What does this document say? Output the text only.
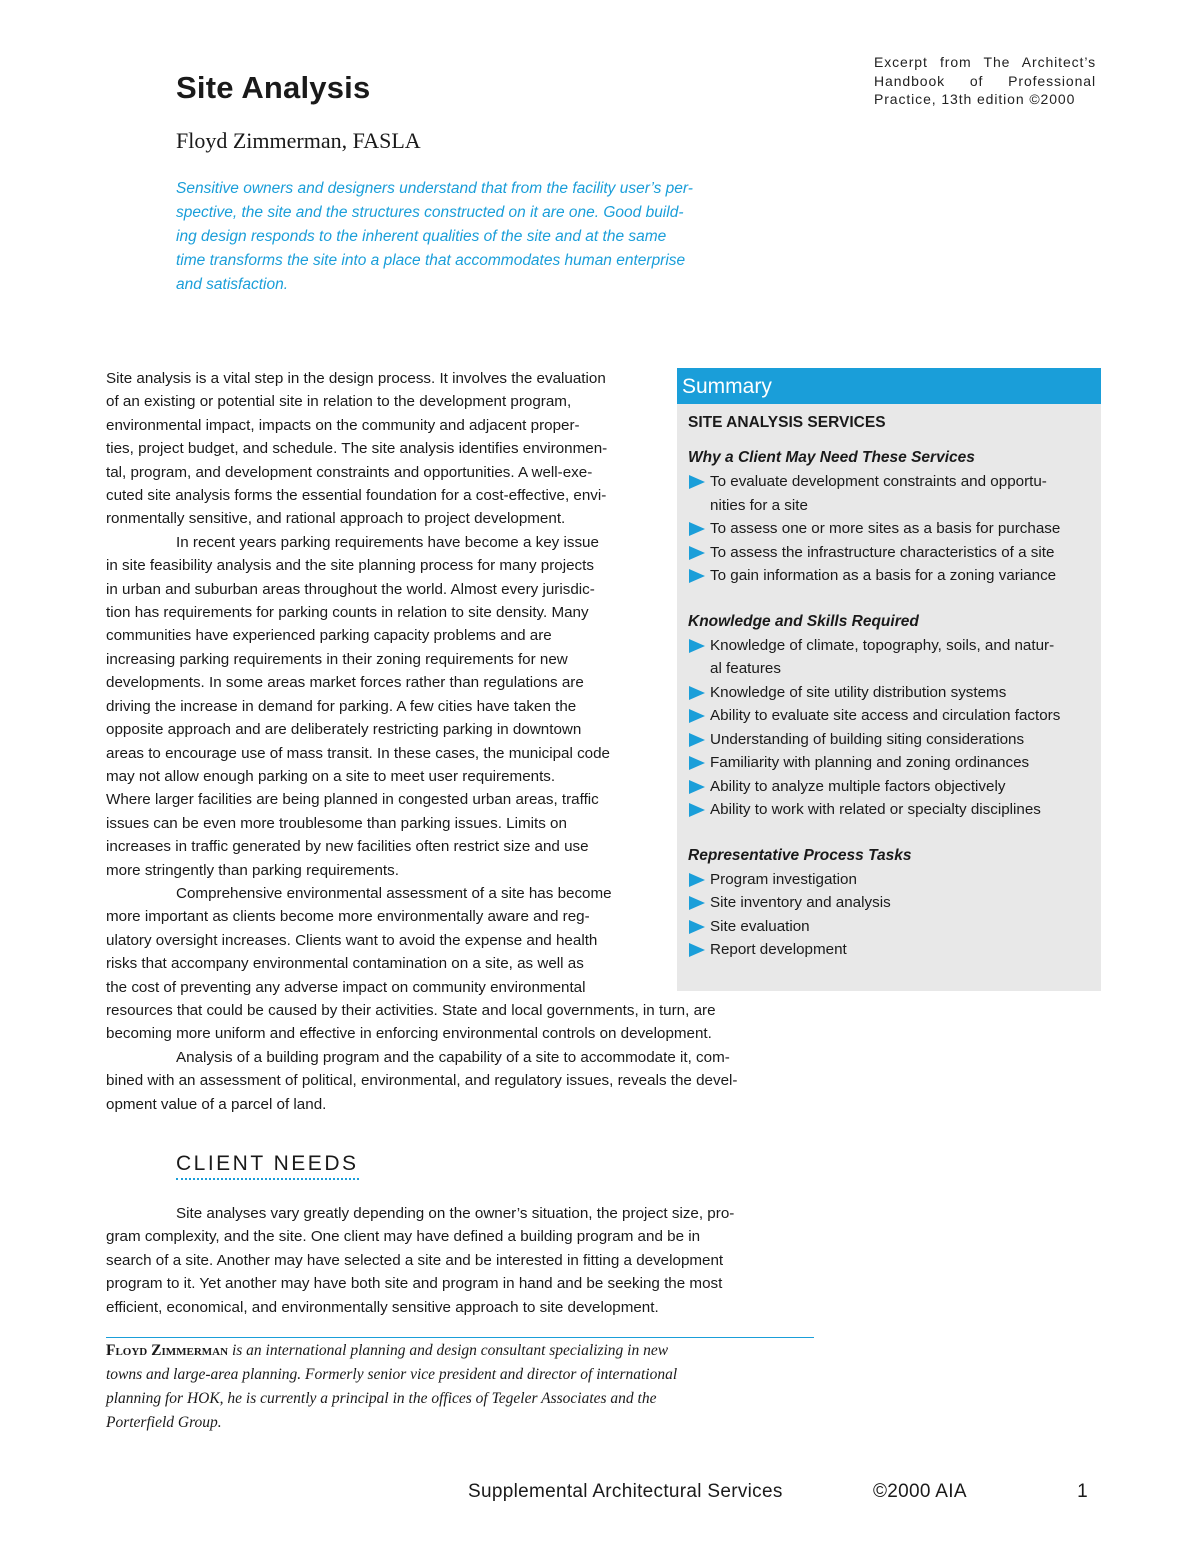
Excerpt from The Architect’s
Handbook of Professional
Practice, 13th edition ©2000
Site Analysis
Floyd Zimmerman, FASLA
Sensitive owners and designers understand that from the facility user’s per-
spective, the site and the structures constructed on it are one. Good build-
ing design responds to the inherent qualities of the site and at the same
time transforms the site into a place that accommodates human enterprise
and satisfaction.
Site analysis is a vital step in the design process. It involves the evaluation
of an existing or potential site in relation to the development program,
environmental impact, impacts on the community and adjacent proper-
ties, project budget, and schedule. The site analysis identifies environmen-
tal, program, and development constraints and opportunities. A well-exe-
cuted site analysis forms the essential foundation for a cost-effective, envi-
ronmentally sensitive, and rational approach to project development.
In recent years parking requirements have become a key issue
in site feasibility analysis and the site planning process for many projects
in urban and suburban areas throughout the world. Almost every jurisdic-
tion has requirements for parking counts in relation to site density. Many
communities have experienced parking capacity problems and are
increasing parking requirements in their zoning requirements for new
developments. In some areas market forces rather than regulations are
driving the increase in demand for parking. A few cities have taken the
opposite approach and are deliberately restricting parking in downtown
areas to encourage use of mass transit. In these cases, the municipal code
may not allow enough parking on a site to meet user requirements.
Where larger facilities are being planned in congested urban areas, traffic
issues can be even more troublesome than parking issues. Limits on
increases in traffic generated by new facilities often restrict size and use
more stringently than parking requirements.
Comprehensive environmental assessment of a site has become
more important as clients become more environmentally aware and reg-
ulatory oversight increases. Clients want to avoid the expense and health
risks that accompany environmental contamination on a site, as well as
the cost of preventing any adverse impact on community environmental
resources that could be caused by their activities. State and local governments, in turn, are
becoming more uniform and effective in enforcing environmental controls on development.
Analysis of a building program and the capability of a site to accommodate it, com-
bined with an assessment of political, environmental, and regulatory issues, reveals the devel-
opment value of a parcel of land.
Summary
SITE ANALYSIS SERVICES
Why a Client May Need These Services
To evaluate development constraints and opportu-
nities for a site
To assess one or more sites as a basis for purchase
To assess the infrastructure characteristics of a site
To gain information as a basis for a zoning variance
Knowledge and Skills Required
Knowledge of climate, topography, soils, and natur-
al features
Knowledge of site utility distribution systems
Ability to evaluate site access and circulation factors
Understanding of building siting considerations
Familiarity with planning and zoning ordinances
Ability to analyze multiple factors objectively
Ability to work with related or specialty disciplines
Representative Process Tasks
Program investigation
Site inventory and analysis
Site evaluation
Report development
CLIENT NEEDS
Site analyses vary greatly depending on the owner’s situation, the project size, pro-
gram complexity, and the site. One client may have defined a building program and be in
search of a site. Another may have selected a site and be interested in fitting a development
program to it. Yet another may have both site and program in hand and be seeking the most
efficient, economical, and environmentally sensitive approach to site development.
Floyd Zimmerman is an international planning and design consultant specializing in new
towns and large-area planning. Formerly senior vice president and director of international
planning for HOK, he is currently a principal in the offices of Tegeler Associates and the
Porterfield Group.
Supplemental Architectural Services	©2000 AIA	1
